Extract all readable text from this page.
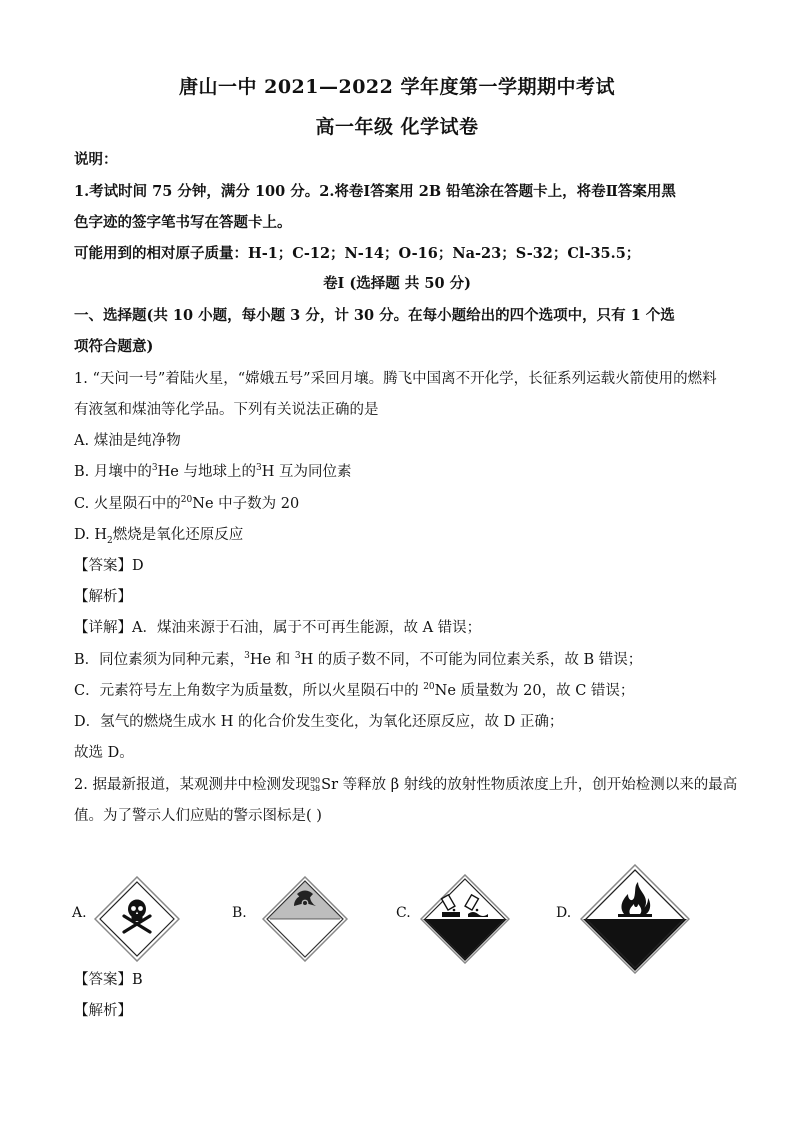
唐山一中 2021—2022 学年度第一学期期中考试
高一年级 化学试卷
说明：
1.考试时间 75 分钟，满分 100 分。2.将卷Ⅰ答案用 2B 铅笔涂在答题卡上，将卷Ⅱ答案用黑
色字迹的签字笔书写在答题卡上。
可能用到的相对原子质量：H-1；C-12；N-14；O-16；Na-23；S-32；Cl-35.5；
卷Ⅰ (选择题 共 50 分)
一、选择题(共 10 小题，每小题 3 分，计 30 分。在每小题给出的四个选项中，只有 1 个选
项符合题意)
1. “天问一号”着陆火星，“嫦娥五号”采回月壤。腾飞中国离不开化学，长征系列运载火箭使用的燃料
有液氢和煤油等化学品。下列有关说法正确的是
A. 煤油是纯净物
B. 月壤中的$^3$He 与地球上的$^3$H 互为同位素
C. 火星陨石中的$^{20}$Ne 中子数为 20
D. $H_2$燃烧是氧化还原反应
【答案】D
【解析】
【详解】A．煤油来源于石油，属于不可再生能源，故 A 错误；
B．同位素须为同种元素，$^3$He 和 $^3$H 的质子数不同，不可能为同位素关系，故 B 错误；
C．元素符号左上角数字为质量数，所以火星陨石中的 $^{20}$Ne 质量数为 20，故 C 错误；
D．氢气的燃烧生成水 H 的化合价发生变化，为氧化还原反应，故 D 正确；
故选 D。
2. 据最新报道，某观测井中检测发现 90
38 Sr 等释放 β 射线的放射性物质浓度上升，创开始检测以来的最高
值。为了警示人们应贴的警示图标是( )
A.	B.	C.	D.
【答案】B
【解析】
